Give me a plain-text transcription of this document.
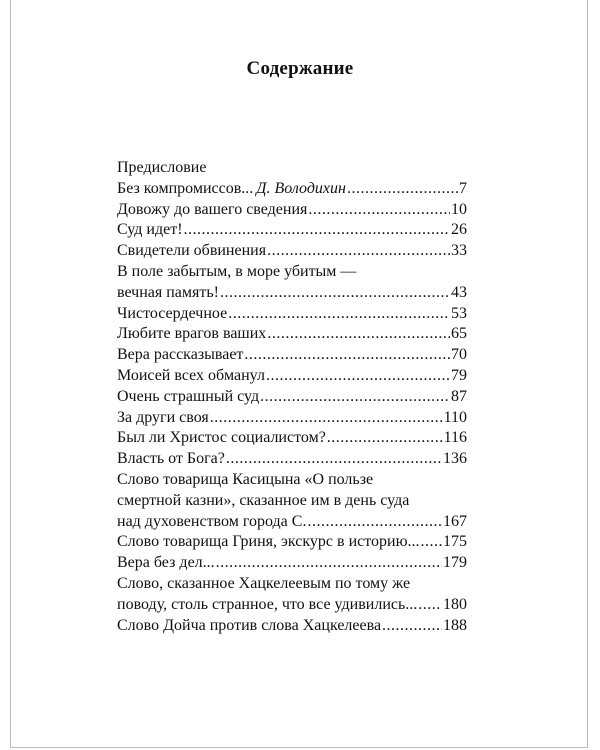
Содержание
Предисловие
Без компромиссов... Д. Володихин .....	7
Довожу до вашего сведения .....	10
Суд идет! .....	26
Свидетели обвинения .....	33
В поле забытым, в море убитым —
вечная память! .....	43
Чистосердечное .....	53
Любите врагов ваших .....	65
Вера рассказывает .....	70
Моисей всех обманул .....	79
Очень страшный суд .....	87
За други своя .....	110
Был ли Христос социалистом? .....	116
Власть от Бога? .....	136
Слово товарища Касицына «О пользе
смертной казни», сказанное им в день суда
над духовенством города С. .....	167
Слово товарища Гриня, экскурс в историю... ..... 175
Вера без дел... .....	179
Слово, сказанное Хацкелеевым по тому же
поводу, столь странное, что все удивились... ..... 180
Слово Дойча против слова Хацкелеева .....	188
